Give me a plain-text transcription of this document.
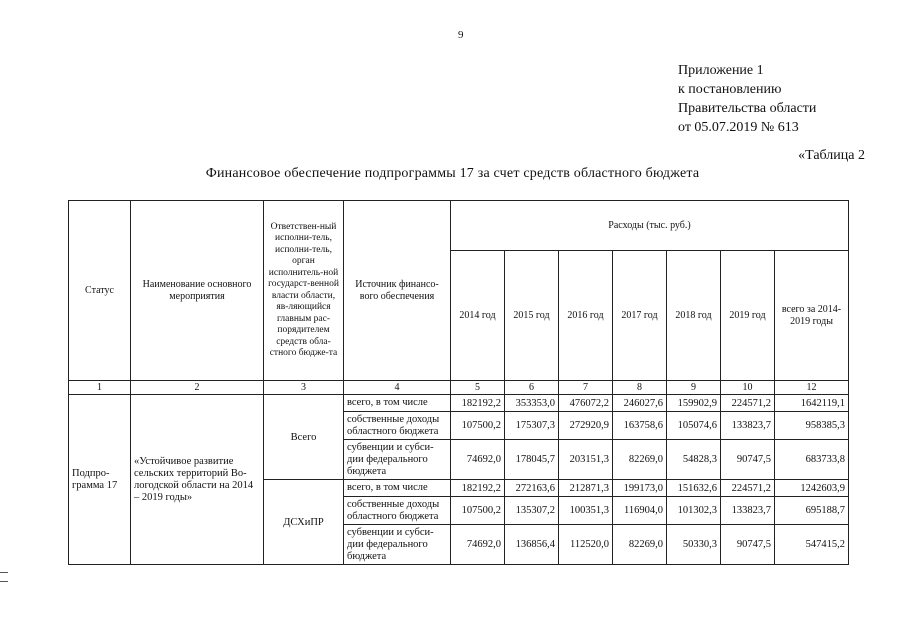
9
Приложение 1
к постановлению
Правительства области
от 05.07.2019 № 613
«Таблица 2
Финансовое обеспечение подпрограммы 17 за счет средств областного бюджета
Статус	Наименование основного мероприятия	Ответствен-ный исполни-тель, исполни-тель, орган исполнитель-ной государст-венной власти области, яв-ляющийся главным рас-порядителем средств обла-стного бюдже-та	Источник финансо-вого обеспечения	Расходы (тыс. руб.)						
				2014 год	2015 год	2016 год	2017 год	2018 год	2019 год	всего за 2014-2019 годы
1	2	3	4	5	6	7	8	9	10	12
Подпро-грамма 17	«Устойчивое развитие сельских территорий Во-логодской области на 2014 – 2019 годы»	Всего	всего, в том числе	182192,2	353353,0	476072,2	246027,6	159902,9	224571,2	1642119,1
			собственные доходы областного бюджета	107500,2	175307,3	272920,9	163758,6	105074,6	133823,7	958385,3
			субвенции и субси-дии федерального бюджета	74692,0	178045,7	203151,3	82269,0	54828,3	90747,5	683733,8
		ДСХиПР	всего, в том числе	182192,2	272163,6	212871,3	199173,0	151632,6	224571,2	1242603,9
			собственные доходы областного бюджета	107500,2	135307,2	100351,3	116904,0	101302,3	133823,7	695188,7
			субвенции и субси-дии федерального бюджета	74692,0	136856,4	112520,0	82269,0	50330,3	90747,5	547415,2
